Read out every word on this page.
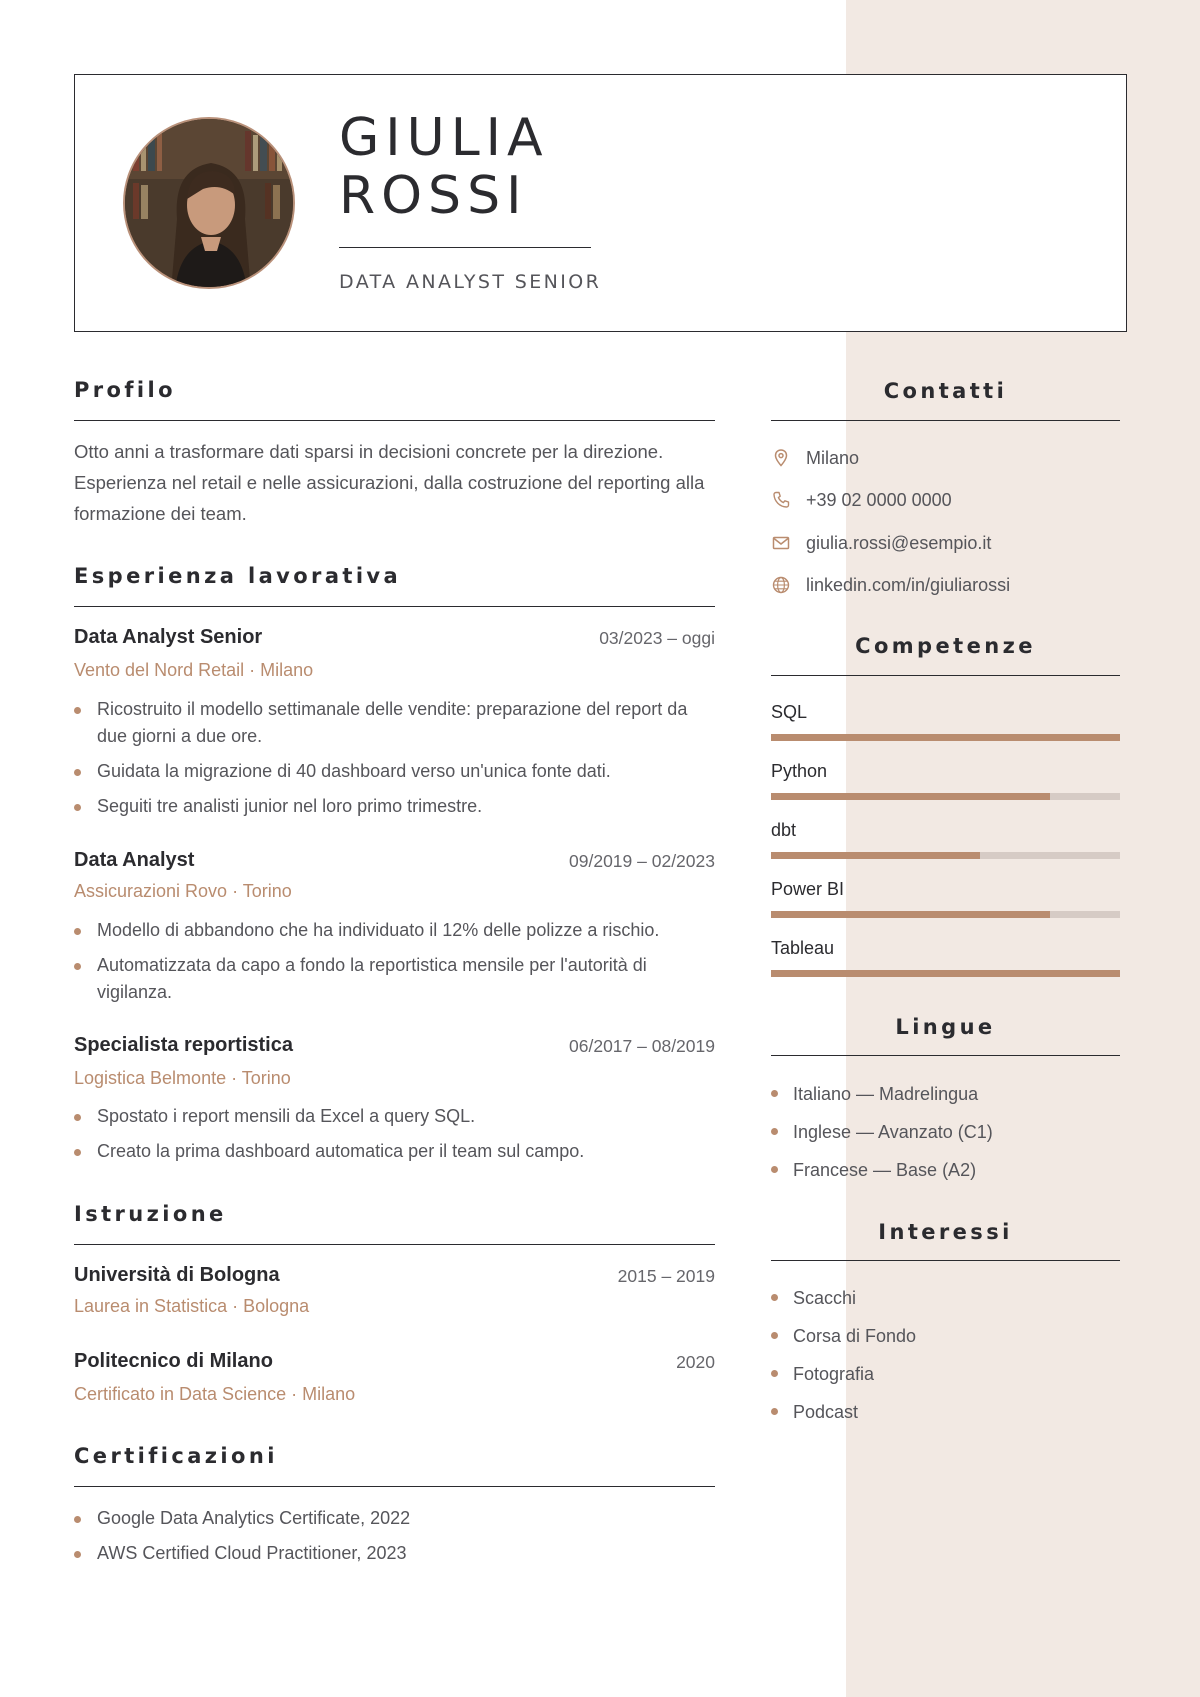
GIULIA
ROSSI
DATA ANALYST SENIOR
Profilo
Otto anni a trasformare dati sparsi in decisioni concrete per la direzione. Esperienza nel retail e nelle assicurazioni, dalla costruzione del reporting alla formazione dei team.
Esperienza lavorativa
Data Analyst Senior	03/2023 – oggi
Vento del Nord Retail · Milano
Ricostruito il modello settimanale delle vendite: preparazione del report da due giorni a due ore.
Guidata la migrazione di 40 dashboard verso un'unica fonte dati.
Seguiti tre analisti junior nel loro primo trimestre.
Data Analyst	09/2019 – 02/2023
Assicurazioni Rovo · Torino
Modello di abbandono che ha individuato il 12% delle polizze a rischio.
Automatizzata da capo a fondo la reportistica mensile per l'autorità di vigilanza.
Specialista reportistica	06/2017 – 08/2019
Logistica Belmonte · Torino
Spostato i report mensili da Excel a query SQL.
Creato la prima dashboard automatica per il team sul campo.
Istruzione
Università di Bologna	2015 – 2019
Laurea in Statistica · Bologna
Politecnico di Milano	2020
Certificato in Data Science · Milano
Certificazioni
Google Data Analytics Certificate, 2022
AWS Certified Cloud Practitioner, 2023
Contatti
Milano
+39 02 0000 0000
giulia.rossi@esempio.it
linkedin.com/in/giuliarossi
Competenze
SQL
Python
dbt
Power BI
Tableau
Lingue
Italiano — Madrelingua
Inglese — Avanzato (C1)
Francese — Base (A2)
Interessi
Scacchi
Corsa di Fondo
Fotografia
Podcast
